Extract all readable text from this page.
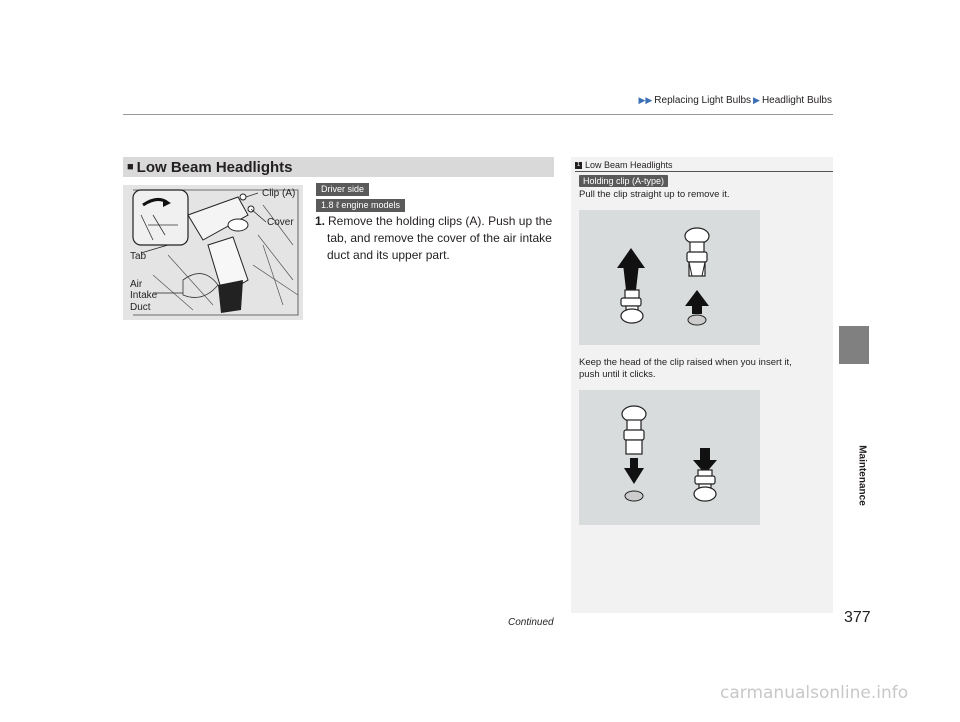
▶▶ Replacing Light Bulbs ▶ Headlight Bulbs
Maintenance
■ Low Beam Headlights
Clip (A)
Cover
Tab
Air
Intake
Duct
Driver side
1.8 ℓ engine models
1. Remove the holding clips (A). Push up the
tab, and remove the cover of the air intake
duct and its upper part.
1 Low Beam Headlights
Holding clip (A-type)
Pull the clip straight up to remove it.
Keep the head of the clip raised when you insert it,
push until it clicks.
Continued	377
carmanualsonline.info
